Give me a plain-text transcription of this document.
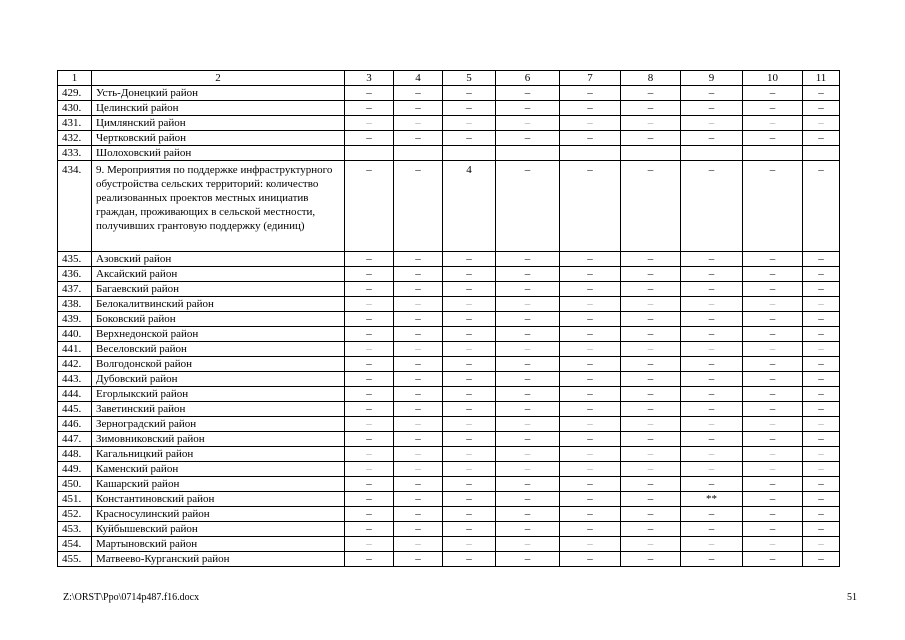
1	2	3	4	5	6	7	8	9	10	11
429.	Усть-Донецкий район	–	–	–	–	–	–	–	–	–
430.	Целинский район	–	–	–	–	–	–	–	–	–
431.	Цимлянский район	–	–	–	–	–	–	–	–	–
432.	Чертковский район	–	–	–	–	–	–	–	–	–
433.	Шолоховский район									
434.	9. Мероприятия по поддержке инфраструктурного обустройства сельских территорий: количество реализованных проектов местных инициатив граждан, проживающих в сельской местности, получивших грантовую поддержку (единиц)	–	–	4	–	–	–	–	–	–
435.	Азовский район	–	–	–	–	–	–	–	–	–
436.	Аксайский район	–	–	–	–	–	–	–	–	–
437.	Багаевский район	–	–	–	–	–	–	–	–	–
438.	Белокалитвинский район	–	–	–	–	–	–	–	–	–
439.	Боковский район	–	–	–	–	–	–	–	–	–
440.	Верхнедонской район	–	–	–	–	–	–	–	–	–
441.	Веселовский район	–	–	–	–	–	–	–	–	–
442.	Волгодонской район	–	–	–	–	–	–	–	–	–
443.	Дубовский район	–	–	–	–	–	–	–	–	–
444.	Егорлыкский район	–	–	–	–	–	–	–	–	–
445.	Заветинский район	–	–	–	–	–	–	–	–	–
446.	Зерноградский район	–	–	–	–	–	–	–	–	–
447.	Зимовниковский район	–	–	–	–	–	–	–	–	–
448.	Кагальницкий район	–	–	–	–	–	–	–	–	–
449.	Каменский район	–	–	–	–	–	–	–	–	–
450.	Кашарский район	–	–	–	–	–	–	–	–	–
451.	Константиновский район	–	–	–	–	–	–	**	–	–
452.	Красносулинский район	–	–	–	–	–	–	–	–	–
453.	Куйбышевский район	–	–	–	–	–	–	–	–	–
454.	Мартыновский район	–	–	–	–	–	–	–	–	–
455.	Матвеево-Курганский район	–	–	–	–	–	–	–	–	–
Z:\ORST\Ppo\0714p487.f16.docx	51
